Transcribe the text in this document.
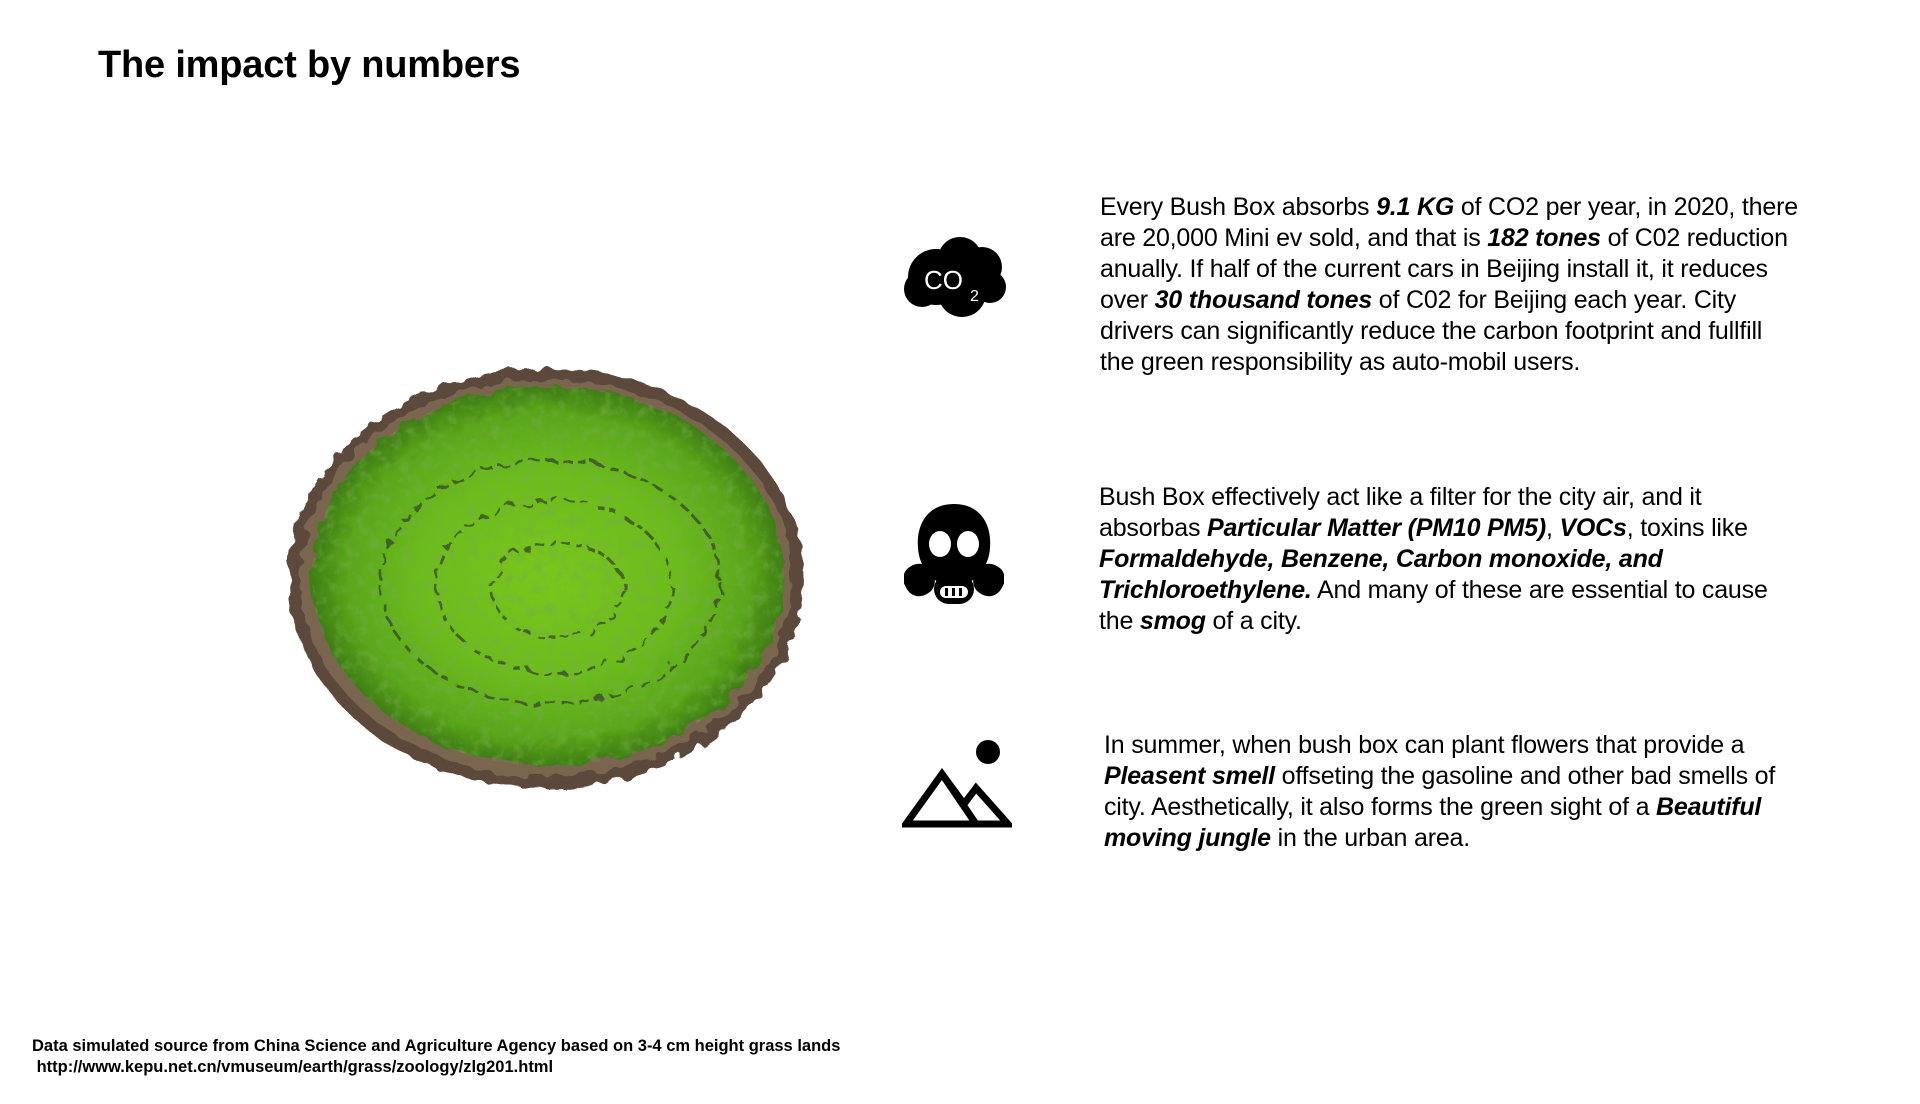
The impact by numbers
CO
2

Every Bush Box absorbs 9.1 KG of CO2 per year, in 2020, there are 20,000 Mini ev sold, and that is 182 tones of C02 reduction anually. If half of the current cars in Beijing install it, it reduces over 30 thousand tones of C02 for Beijing each year. City drivers can significantly reduce the carbon footprint and fullfill the green responsibility as auto-mobil users.

Bush Box effectively act like a filter for the city air, and it absorbas Particular Matter (PM10 PM5), VOCs, toxins like Formaldehyde, Benzene, Carbon monoxide, and Trichloroethylene. And many of these are essential to cause the smog of a city.

In summer, when bush box can plant flowers that provide a Pleasent smell offseting the gasoline and other bad smells of city. Aesthetically, it also forms the green sight of a Beautiful moving jungle in the urban area.

Data simulated source from China Science and Agriculture Agency based on 3-4 cm height grass lands
http://www.kepu.net.cn/vmuseum/earth/grass/zoology/zlg201.html
